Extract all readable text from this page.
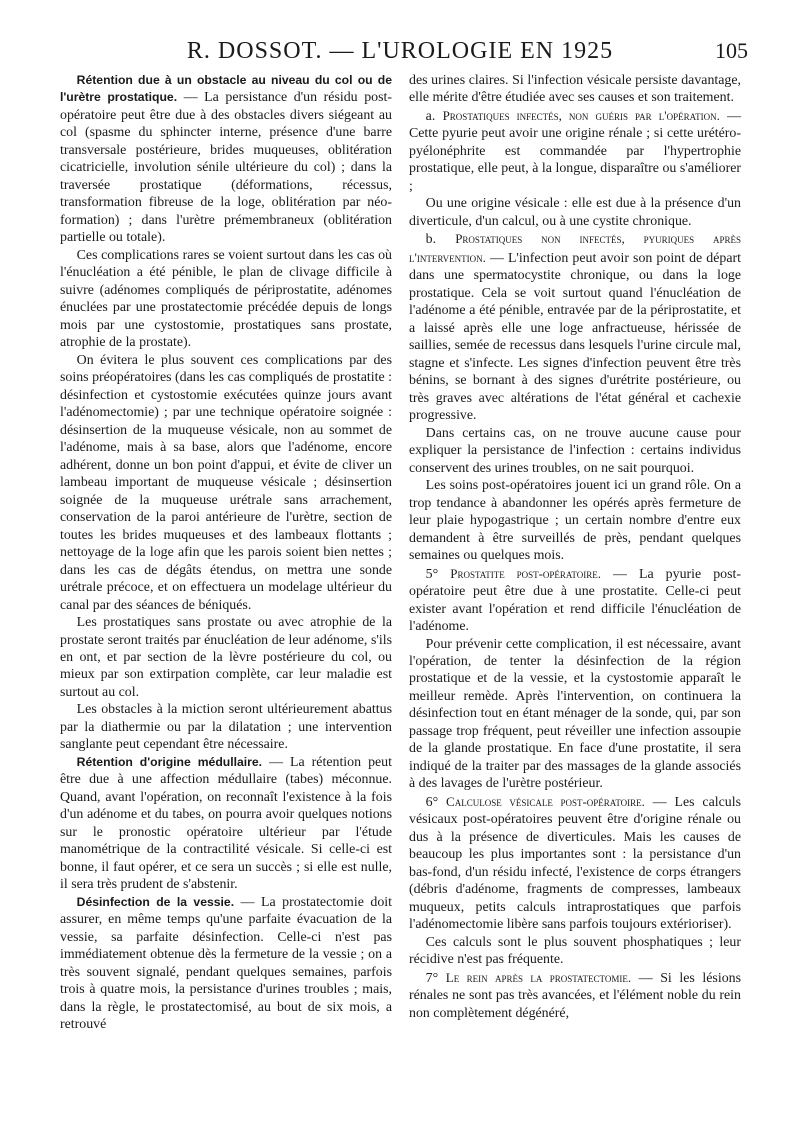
R. DOSSOT. — L'UROLOGIE EN 1925	105

Rétention due à un obstacle au niveau du col ou de l'urètre prostatique. — La persistance d'un résidu post-opératoire peut être due à des obstacles divers siégeant au col (spasme du sphincter interne, présence d'une barre transversale postérieure, brides muqueuses, oblitération cicatricielle, involution sénile ultérieure du col) ; dans la traversée prostatique (déformations, récessus, transformation fibreuse de la loge, oblitération par néo-formation) ; dans l'urètre prémembraneux (oblitération partielle ou totale).

Ces complications rares se voient surtout dans les cas où l'énucléation a été pénible, le plan de clivage difficile à suivre (adénomes compliqués de périprostatite, adénomes énuclées par une prostatectomie précédée depuis de longs mois par une cystostomie, prostatiques sans prostate, atrophie de la prostate).

On évitera le plus souvent ces complications par des soins préopératoires (dans les cas compliqués de prostatite : désinfection et cystostomie exécutées quinze jours avant l'adénomectomie) ; par une technique opératoire soignée : désinsertion de la muqueuse vésicale, non au sommet de l'adénome, mais à sa base, alors que l'adénome, encore adhérent, donne un bon point d'appui, et évite de cliver un lambeau important de muqueuse vésicale ; désinsertion soignée de la muqueuse urétrale sans arrachement, conservation de la paroi antérieure de l'urètre, section de toutes les brides muqueuses et des lambeaux flottants ; nettoyage de la loge afin que les parois soient bien nettes ; dans les cas de dégâts étendus, on mettra une sonde urétrale précoce, et on effectuera un modelage ultérieur du canal par des séances de béniqués.

Les prostatiques sans prostate ou avec atrophie de la prostate seront traités par énucléation de leur adénome, s'ils en ont, et par section de la lèvre postérieure du col, ou mieux par son extirpation complète, car leur maladie est surtout au col.

Les obstacles à la miction seront ultérieurement abattus par la diathermie ou par la dilatation ; une intervention sanglante peut cependant être nécessaire.

Rétention d'origine médullaire. — La rétention peut être due à une affection médullaire (tabes) méconnue. Quand, avant l'opération, on reconnaît l'existence à la fois d'un adénome et du tabes, on pourra avoir quelques notions sur le pronostic opératoire ultérieur par l'étude manométrique de la contractilité vésicale. Si celle-ci est bonne, il faut opérer, et ce sera un succès ; si elle est nulle, il sera très prudent de s'abstenir.

Désinfection de la vessie. — La prostatectomie doit assurer, en même temps qu'une parfaite évacuation de la vessie, sa parfaite désinfection. Celle-ci n'est pas immédiatement obtenue dès la fermeture de la vessie ; on a très souvent signalé, pendant quelques semaines, parfois trois à quatre mois, la persistance d'urines troubles ; mais, dans la règle, le prostatectomisé, au bout de six mois, a retrouvé

des urines claires. Si l'infection vésicale persiste davantage, elle mérite d'être étudiée avec ses causes et son traitement.

a. Prostatiques infectés, non guéris par l'opération. — Cette pyurie peut avoir une origine rénale ; si cette urétéro-pyélonéphrite est commandée par l'hypertrophie prostatique, elle peut, à la longue, disparaître ou s'améliorer ;

Ou une origine vésicale : elle est due à la présence d'un diverticule, d'un calcul, ou à une cystite chronique.

b. Prostatiques non infectés, pyuriques après l'intervention. — L'infection peut avoir son point de départ dans une spermatocystite chronique, ou dans la loge prostatique. Cela se voit surtout quand l'énucléation de l'adénome a été pénible, entravée par de la périprostatite, et a laissé après elle une loge anfractueuse, hérissée de saillies, semée de recessus dans lesquels l'urine circule mal, stagne et s'infecte. Les signes d'infection peuvent être très bénins, se bornant à des signes d'urétrite postérieure, ou très graves avec altérations de l'état général et cachexie progressive.

Dans certains cas, on ne trouve aucune cause pour expliquer la persistance de l'infection : certains individus conservent des urines troubles, on ne sait pourquoi.

Les soins post-opératoires jouent ici un grand rôle. On a trop tendance à abandonner les opérés après fermeture de leur plaie hypogastrique ; un certain nombre d'entre eux demandent à être surveillés de près, pendant quelques semaines ou quelques mois.

5° Prostatite post-opératoire. — La pyurie post-opératoire peut être due à une prostatite. Celle-ci peut exister avant l'opération et rend difficile l'énucléation de l'adénome.

Pour prévenir cette complication, il est nécessaire, avant l'opération, de tenter la désinfection de la région prostatique et de la vessie, et la cystostomie apparaît le meilleur remède. Après l'intervention, on continuera la désinfection tout en étant ménager de la sonde, qui, par son passage trop fréquent, peut réveiller une infection assoupie de la glande prostatique. En face d'une prostatite, il sera indiqué de la traiter par des massages de la glande associés à des lavages de l'urètre postérieur.

6° Calculose vésicale post-opératoire. — Les calculs vésicaux post-opératoires peuvent être d'origine rénale ou dus à la présence de diverticules. Mais les causes de beaucoup les plus importantes sont : la persistance d'un bas-fond, d'un résidu infecté, l'existence de corps étrangers (débris d'adénome, fragments de compresses, lambeaux muqueux, petits calculs intraprostatiques que parfois l'adénomectomie libère sans parfois toujours extérioriser).

Ces calculs sont le plus souvent phosphatiques ; leur récidive n'est pas fréquente.

7° Le rein après la prostatectomie. — Si les lésions rénales ne sont pas très avancées, et l'élément noble du rein non complètement dégénéré,
